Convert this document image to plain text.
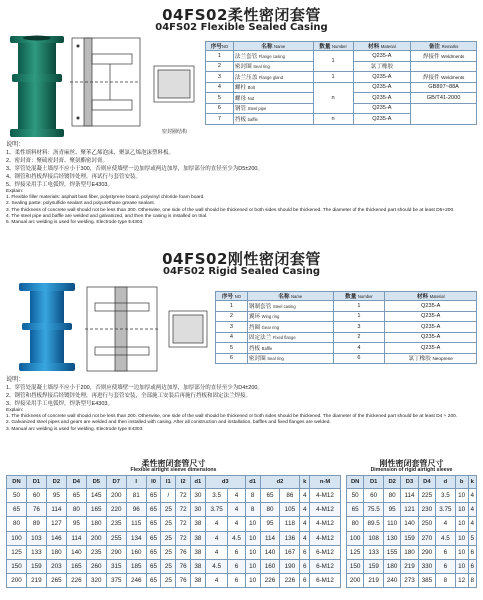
04FS02柔性密闭套管
04FS02 Flexible Sealed Casing
密封圈结构
序号NO	名称 Name	数量 Number	材料 Material	备注 Remarks
1	法兰套管 Flange casing	1	Q235-A	焊接件 Weldments
2	密封圈 Seal ring		氯丁橡胶	
3	法兰压盖 Flange gland	1	Q235-A	焊接件 Weldments
4	螺柱 Bolt	n	Q235-A	GB897~88A
5	螺母 Nut		Q235-A	GB/T41-2000
6	钢管 Steel pipe		Q235-A	
7	挡板 baffle	n	Q235-A	
说明：
1、柔性填料材料：沥青麻丝、聚苯乙烯泡沫、聚氯乙烯泡沫塑料板。
2、密封膏：聚硫密封膏、聚氨酯密封膏。
3、穿管处混凝土墙厚不应小于300，否则应使墙壁一边加厚或两边加厚，加厚部分的直径至少为D5±200。
4、钢管和挡板焊接后经镀锌处理，再试行与套管安装。
5、焊接采用手工电弧焊，焊条型号E4303。
Explain:
1. Flexible filler materials: asphalt bast fiber, polystyrene board, polyvinyl chloride foam board.
2. Sealing paste: polysulfide sealant and polyurethane grease sealant.
3. The thickness of concrete wall should not be less than 300. Otherwise, one side of the wall should be thickened or both sides should be thickened. The diameter of the thickened part should be at least D5+200.
4. The steel pipe and baffle are welded and galvanized, and then the casing is installed on trial.
5. Manual arc welding is used for welding. Electrode type E4303.
04FS02刚性密闭套管
04FS02 Rigid Sealed Casing
序号 NO	名称 Name	数量 Number	材料 Material
1	钢制套管 Steel casing	1	Q235-A
2	翼环 Wing ring	1	Q235-A
3	挡圈 Gear ring	3	Q235-A
4	固定法兰 Fixed flange	2	Q235-A
5	挡板 Baffle	4	Q235-A
6	密封圈 Seal ring	6	氯丁橡胶 Neoprene
说明：
1、穿管处混凝土墙厚不应小于200，否则应使墙壁一边加厚或两边加厚，加厚部分的直径至少为D4±200。
2、钢管和挡板焊接后经镀锌处理，再进行与套管安装，全部施工安装后再施行挡板和固定法兰焊接。
3、焊接采用手工电弧焊，焊条型号E4303。
Explain:
1. The thickness of concrete wall should not be less than 200. Otherwise, one side of the wall should be thickened or both sides should be thickened. The diameter of the thickened part should be at least D4 + 200.
2. Galvanized steel pipes and gears are welded and then installed with casing. After all construction and installation, baffles and fixed flanges are welded.
3. Manual arc welding is used for welding. Electrode type E4303.
柔性密闭套管尺寸
Flexible airtight sleeve dimensions
DN	D1	D2	D4	D5	D7	I	I0	I1	I2	d1	d3		d1	d2		k	n-M
50	60	95	65	145	200	81	65	/	72	30	3.5	4	8	65	86	4	4-M12
65	76	114	80	165	220	96	65	25	72	30	3.75	4	8	80	105	4	4-M12
80	89	127	95	180	235	115	65	25	72	38	4	4	10	95	118	4	4-M12
100	103	146	114	200	255	134	65	25	72	38	4	4.5	10	114	136	4	4-M12
125	133	180	140	235	290	160	65	25	76	38	4	6	10	140	167	6	6-M12
150	159	203	165	260	315	185	65	25	76	38	4.5	6	10	160	190	6	6-M12
200	219	265	226	320	375	246	65	25	76	38	4	6	10	226	226	6	6-M12
刚性密闭套管尺寸
Dimension of rigid airtight sleeve
DN	D1	D2	D3	D4	d	b	k
50	60	80	114	225	3.5	10	4
65	75.5	95	121	230	3.75	10	4
80	89.5	110	140	250	4	10	4
100	108	130	159	270	4.5	10	5
125	133	155	180	290	6	10	6
150	159	180	219	330	6	10	6
200	219	240	273	385	8	12	8
